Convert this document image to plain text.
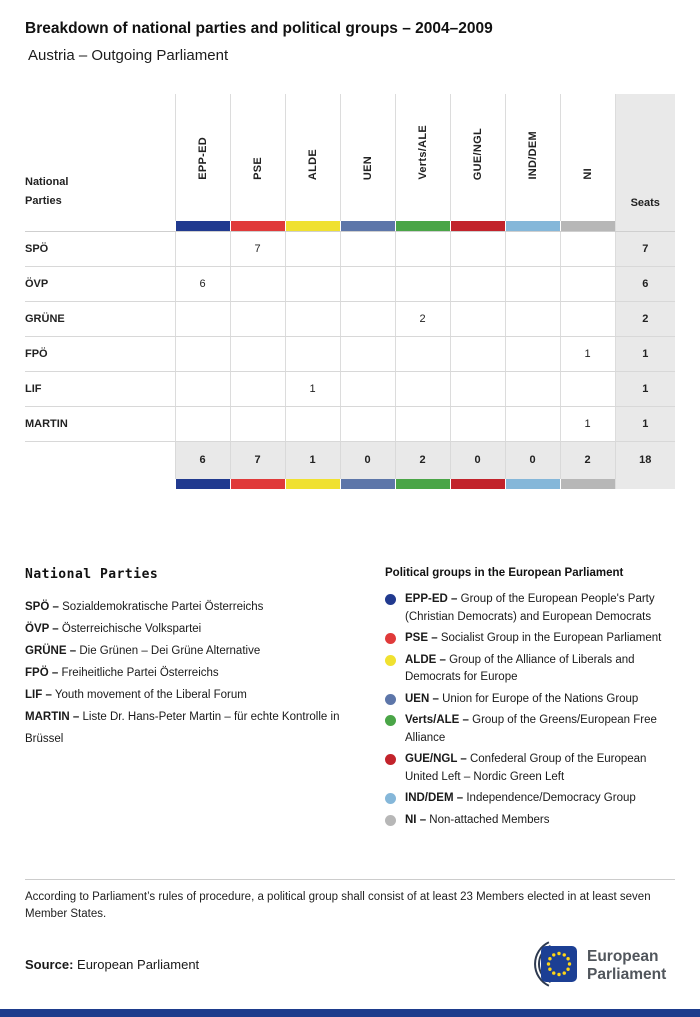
Breakdown of national parties and political groups – 2004–2009
Austria – Outgoing Parliament
National
Parties	EPP-ED	PSE	ALDE	UEN	Verts/ALE	GUE/NGL	IND/DEM	NI	Seats

SPÖ		7							7
ÖVP	6								6
GRÜNE					2				2
FPÖ								1	1
LIF			1						1
MARTIN								1	1
	6	7	1	0	2	0	0	2	18

National Parties
SPÖ – Sozialdemokratische Partei Österreichs
ÖVP – Österreichische Volkspartei
GRÜNE – Die Grünen – Dei Grüne Alternative
FPÖ – Freiheitliche Partei Österreichs
LIF – Youth movement of the Liberal Forum
MARTIN – Liste Dr. Hans-Peter Martin – für echte Kontrolle in Brüssel
Political groups in the European Parliament
EPP-ED – Group of the European People's Party (Christian Democrats) and European Democrats
PSE – Socialist Group in the European Parliament
ALDE – Group of the Alliance of Liberals and Democrats for Europe
UEN – Union for Europe of the Nations Group
Verts/ALE – Group of the Greens/European Free Alliance
GUE/NGL – Confederal Group of the European United Left – Nordic Green Left
IND/DEM – Independence/Democracy Group
NI – Non-attached Members
According to Parliament’s rules of procedure, a political group shall consist of at least 23 Members elected in at least seven Member States.
Source: European Parliament	European
Parliament
